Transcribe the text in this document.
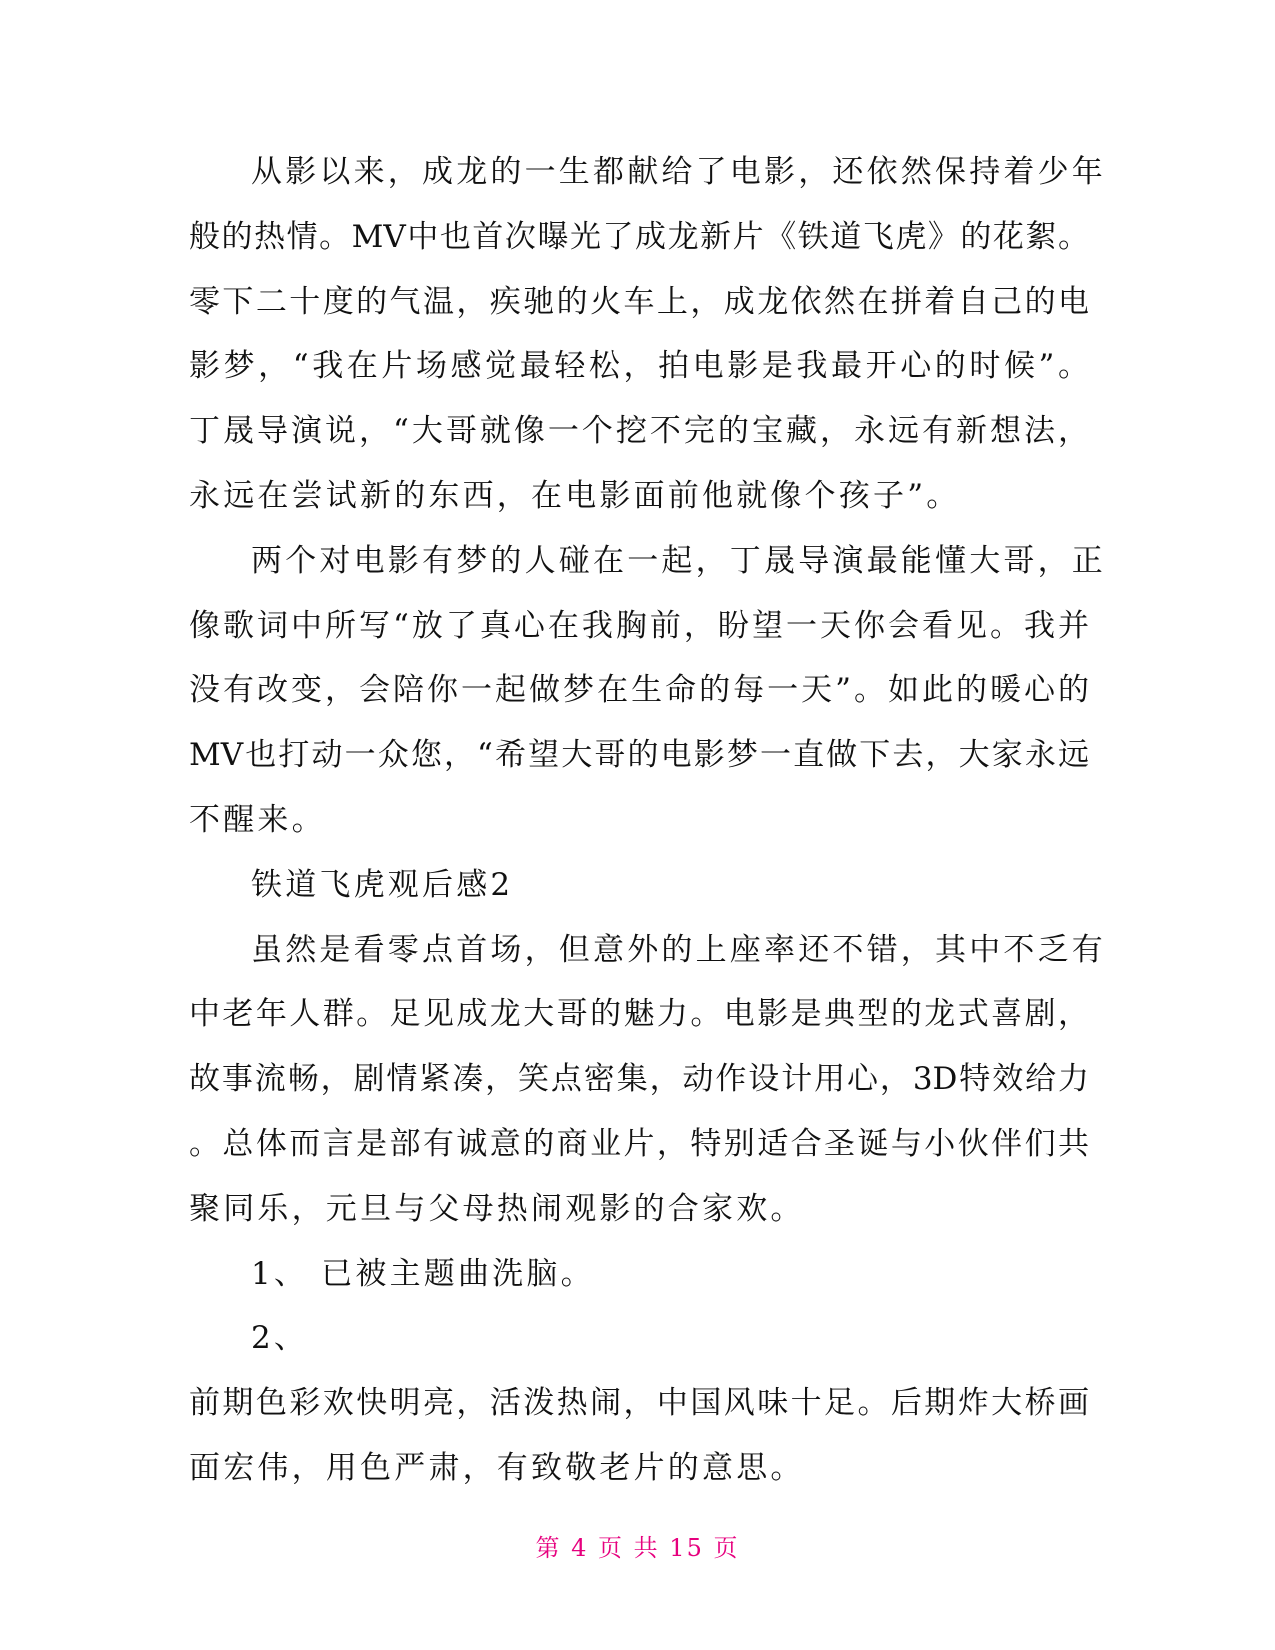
从影以来，成龙的一生都献给了电影，还依然保持着少年
般的热情。MV中也首次曝光了成龙新片《铁道飞虎》的花絮。
零下二十度的气温，疾驰的火车上，成龙依然在拼着自己的电
影梦，“我在片场感觉最轻松，拍电影是我最开心的时候”。
丁晟导演说，“大哥就像一个挖不完的宝藏，永远有新想法，
永远在尝试新的东西，在电影面前他就像个孩子”。
两个对电影有梦的人碰在一起，丁晟导演最能懂大哥，正
像歌词中所写“放了真心在我胸前，盼望一天你会看见。我并
没有改变，会陪你一起做梦在生命的每一天”。如此的暖心的
MV也打动一众您，“希望大哥的电影梦一直做下去，大家永远
不醒来。
铁道飞虎观后感2
虽然是看零点首场，但意外的上座率还不错，其中不乏有
中老年人群。足见成龙大哥的魅力。电影是典型的龙式喜剧，
故事流畅，剧情紧凑，笑点密集，动作设计用心，3D特效给力
。总体而言是部有诚意的商业片，特别适合圣诞与小伙伴们共
聚同乐，元旦与父母热闹观影的合家欢。
1、 已被主题曲洗脑。
2、
前期色彩欢快明亮，活泼热闹，中国风味十足。后期炸大桥画
面宏伟，用色严肃，有致敬老片的意思。
第 4 页 共 15 页
